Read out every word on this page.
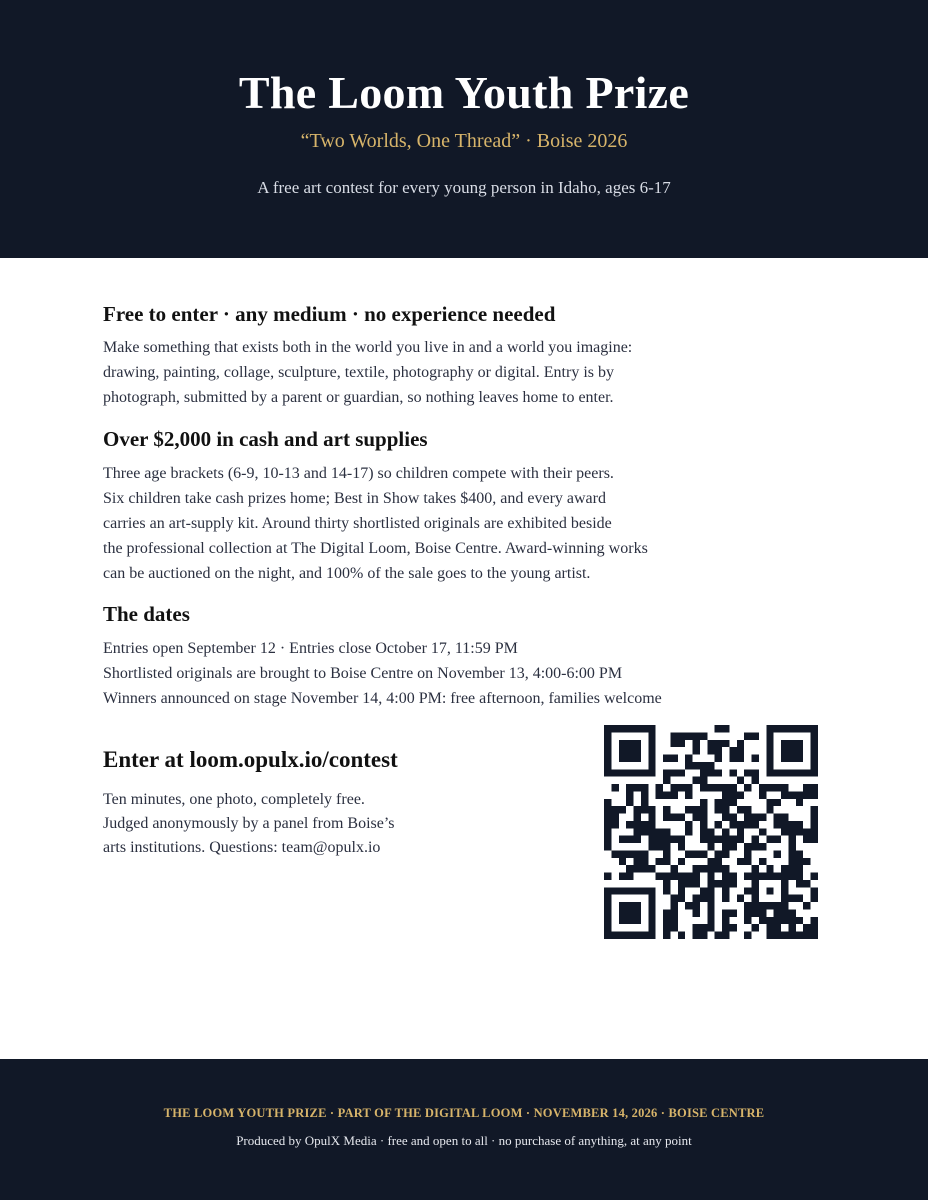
The Loom Youth Prize
“Two Worlds, One Thread” · Boise 2026
A free art contest for every young person in Idaho, ages 6-17
Free to enter · any medium · no experience needed

Make something that exists both in the world you live in and a world you imagine:
drawing, painting, collage, sculpture, textile, photography or digital. Entry is by
photograph, submitted by a parent or guardian, so nothing leaves home to enter.

Over $2,000 in cash and art supplies

Three age brackets (6-9, 10-13 and 14-17) so children compete with their peers.
Six children take cash prizes home; Best in Show takes $400, and every award
carries an art-supply kit. Around thirty shortlisted originals are exhibited beside
the professional collection at The Digital Loom, Boise Centre. Award-winning works
can be auctioned on the night, and 100% of the sale goes to the young artist.

The dates

Entries open September 12 · Entries close October 17, 11:59 PM
Shortlisted originals are brought to Boise Centre on November 13, 4:00-6:00 PM
Winners announced on stage November 14, 4:00 PM: free afternoon, families welcome

Enter at loom.opulx.io/contest

Ten minutes, one photo, completely free.
Judged anonymously by a panel from Boise’s
arts institutions. Questions: team@opulx.io

THE LOOM YOUTH PRIZE · PART OF THE DIGITAL LOOM · NOVEMBER 14, 2026 · BOISE CENTRE
Produced by OpulX Media · free and open to all · no purchase of anything, at any point
